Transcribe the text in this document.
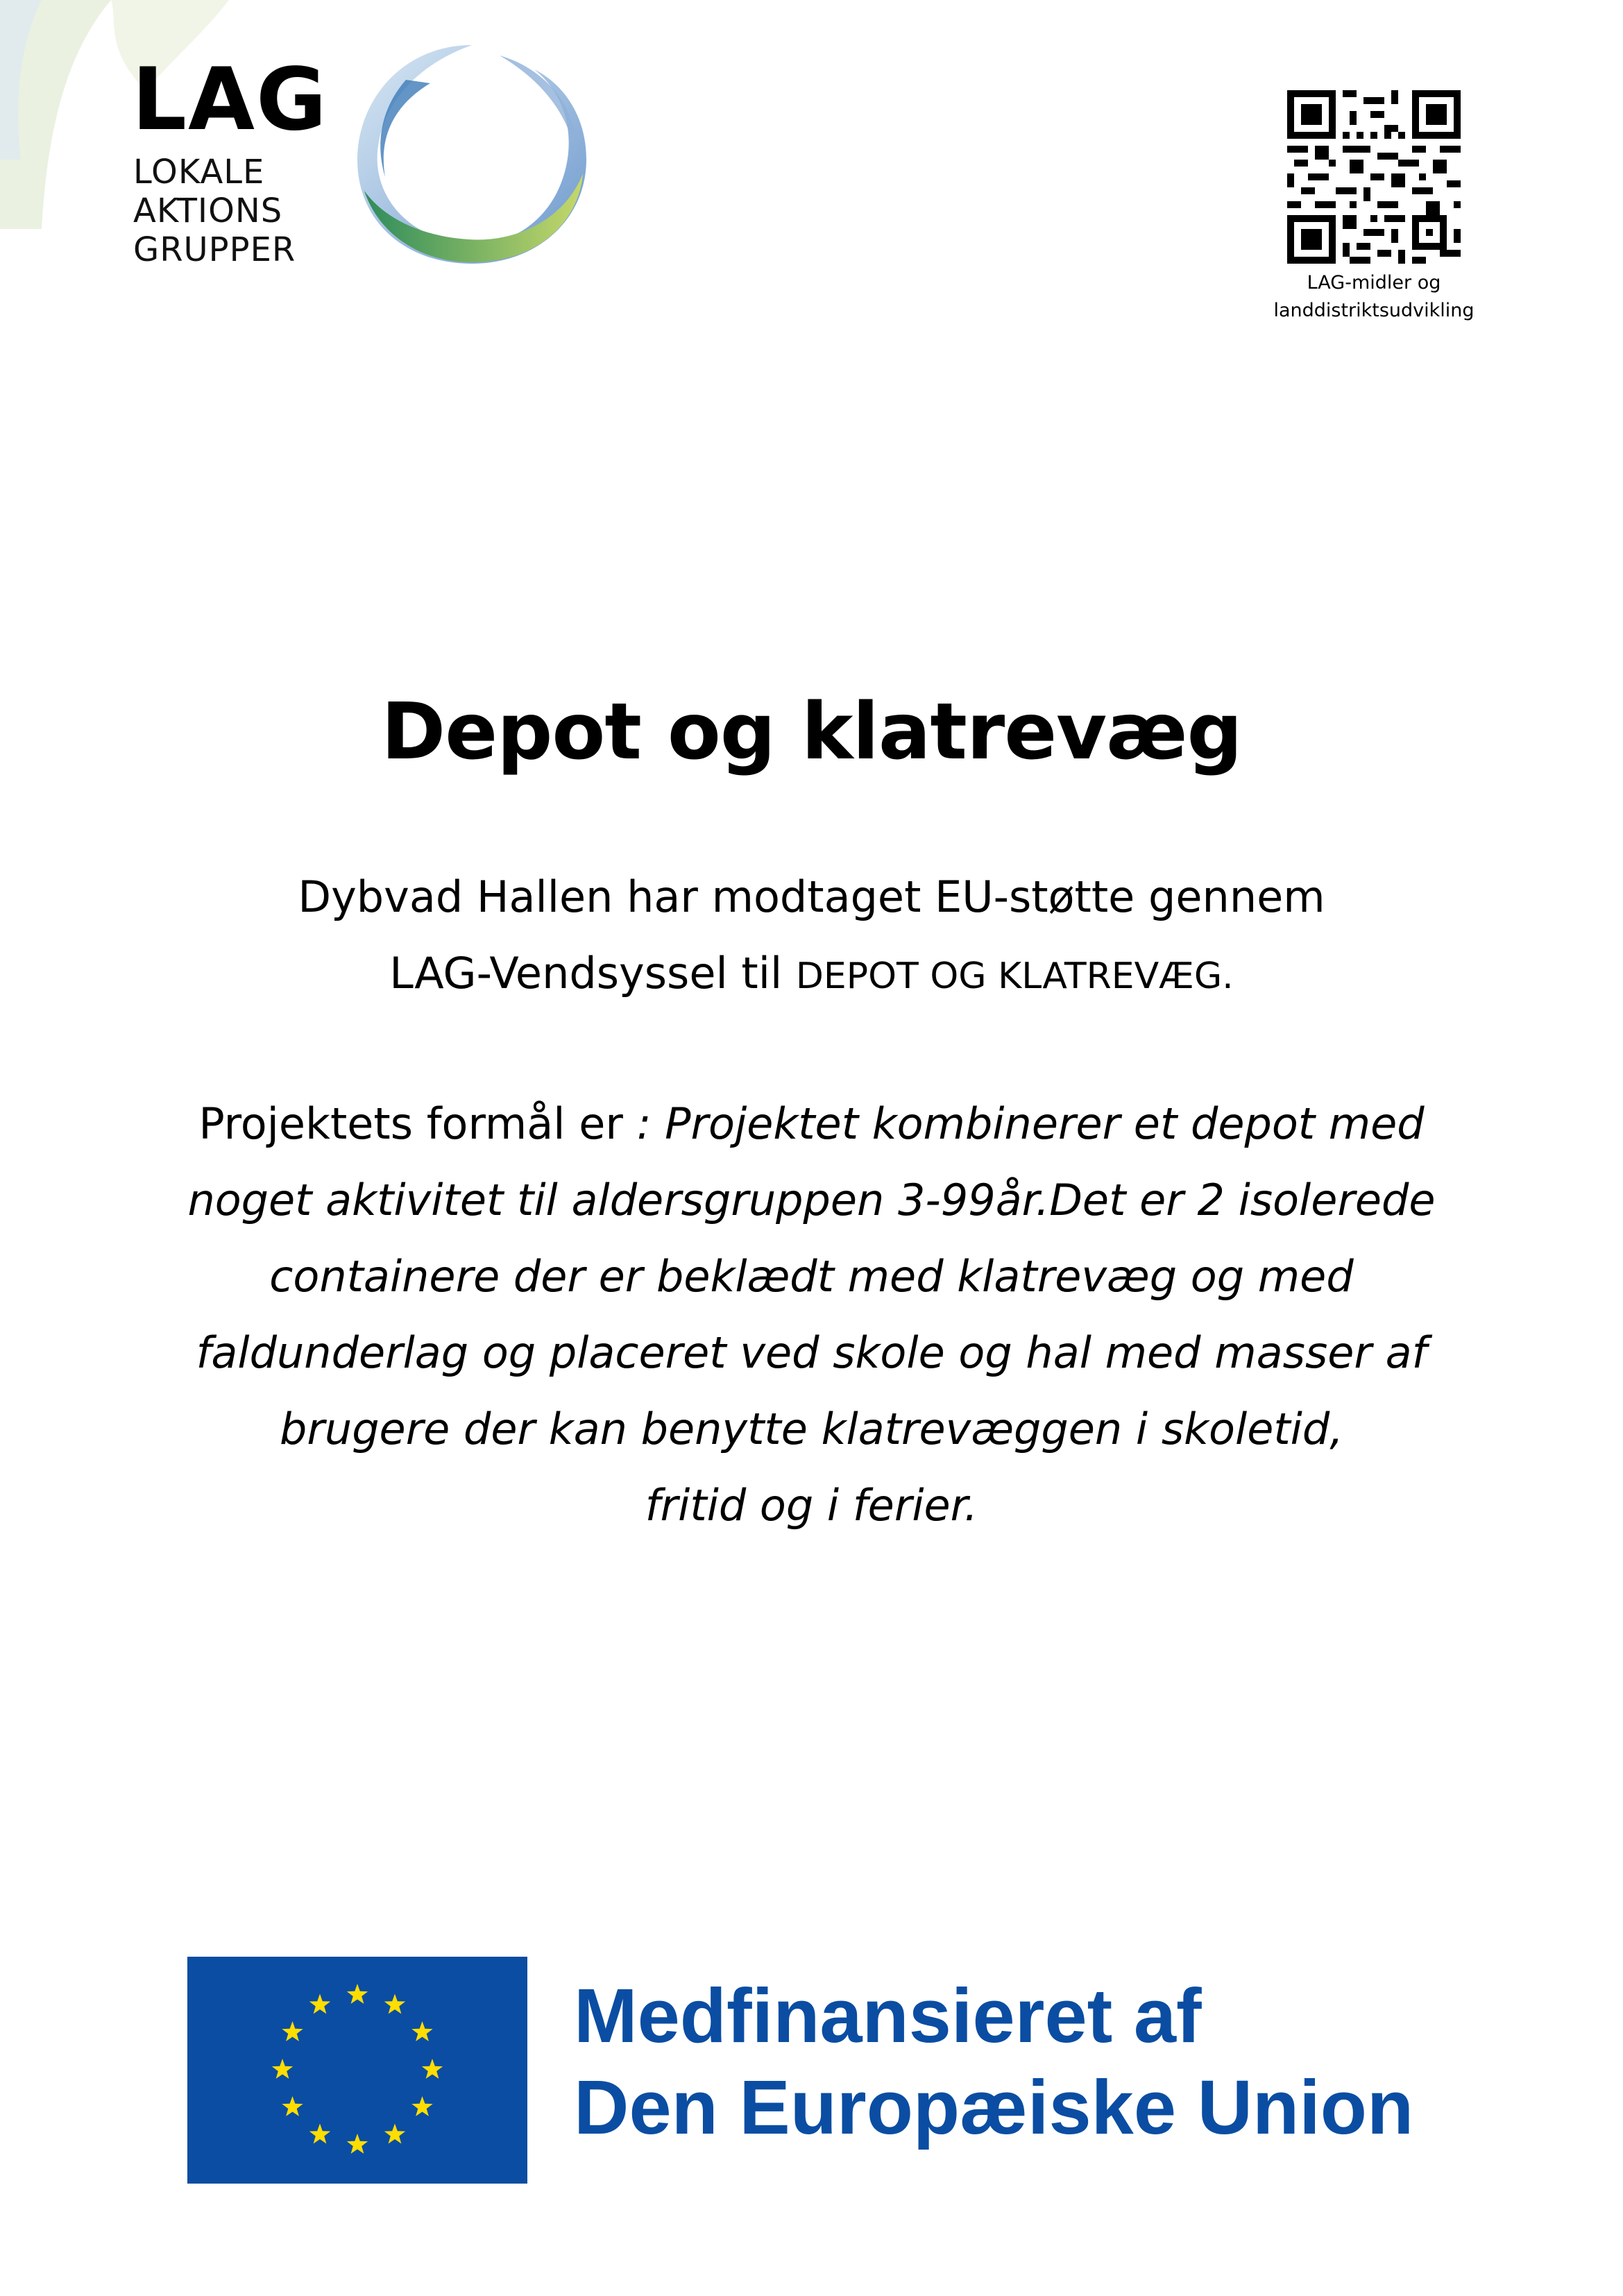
LAG
LOKALE
AKTIONS
GRUPPER
LAG-midler og
landdistriktsudvikling
Depot og klatrevæg
Dybvad Hallen har modtaget EU-støtte gennem
LAG-Vendsyssel til DEPOT OG KLATREVÆG.
Projektets formål er : Projektet kombinerer et depot med
noget aktivitet til aldersgruppen 3-99år.Det er 2 isolerede
containere der er beklædt med klatrevæg og med
faldunderlag og placeret ved skole og hal med masser af
brugere der kan benytte klatrevæggen i skoletid,
fritid og i ferier.
Medfinansieret af
Den Europæiske Union
